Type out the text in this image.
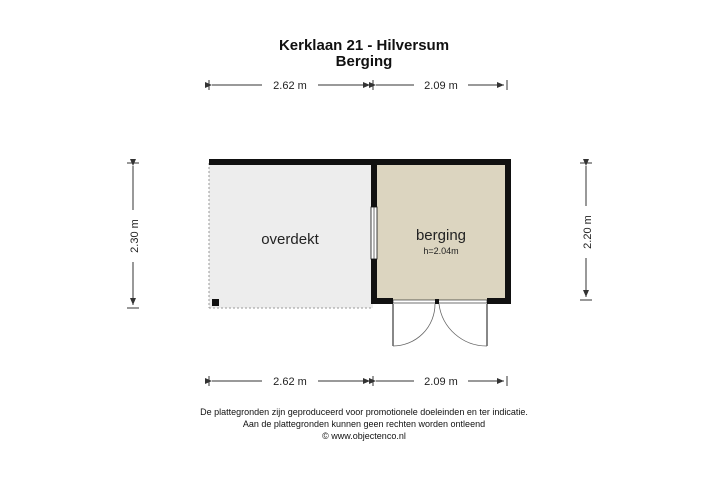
Kerklaan 21 - Hilversum
Berging
2.62 m	2.09 m
2.30 m	2.20 m
overdekt	berging
h=2.04m
2.62 m	2.09 m
De plattegronden zijn geproduceerd voor promotionele doeleinden en ter indicatie.
Aan de plattegronden kunnen geen rechten worden ontleend
© www.objectenco.nl
